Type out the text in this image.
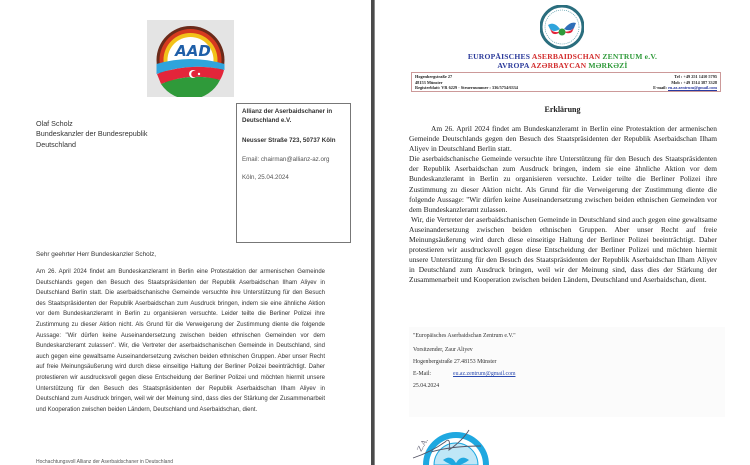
AAD
Olaf Scholz
Bundeskanzler der Bundesrepublik
Deutschland
Allianz der Aserbaidschaner in
Deutschland e.V.
Neusser Straße 723, 50737 Köln
Email: chairman@allianz-az.org
Köln, 25.04.2024
Sehr geehrter Herr Bundeskanzler Scholz,
Am 26. April 2024 findet am Bundeskanzleramt in Berlin eine Protestaktion der armenischen Gemeinde Deutschlands gegen den Besuch des Staatspräsidenten der Republik Aserbaidschan Ilham Aliyev in Deutschland Berlin statt. Die aserbaidschanische Gemeinde versuchte ihre Unterstützung für den Besuch des Staatspräsidenten der Republik Aserbaidschan zum Ausdruck bringen, indem sie eine ähnliche Aktion vor dem Bundeskanzleramt in Berlin zu organisieren versuchte. Leider teilte die Berliner Polizei ihre Zustimmung zu dieser Aktion nicht. Als Grund für die Verweigerung der Zustimmung diente die folgende Aussage: "Wir dürfen keine Auseinandersetzung zwischen beiden ethnischen Gemeinden vor dem Bundeskanzleramt zulassen". Wir, die Vertreter der aserbaidschanischen Gemeinde in Deutschland, sind auch gegen eine gewaltsame Auseinandersetzung zwischen beiden ethnischen Gruppen. Aber unser Recht auf freie Meinungsäußerung wird durch diese einseitige Haltung der Berliner Polizei beeinträchtigt. Daher protestieren wir ausdrucksvoll gegen diese Entscheidung der Berliner Polizei und möchten hiermit unsere Unterstützung für den Besuch des Staatspräsidenten der Republik Aserbaidschan Ilham Aliyev in Deutschland zum Ausdruck bringen, weil wir der Meinung sind, dass dies der Stärkung der Zusammenarbeit und Kooperation zwischen beiden Ländern, Deutschland und Aserbaidschan, dient.
Hochachtungsvoll Allianz der Aserbaidschaner in Deutschland
EUROPÄISCHES ASERBAIDSCHAN ZENTRUM e.V.
AVROPA AZƏRBAYCAN MƏRKƏZİ
Hogenbergstraße 27
48153 Münster
Registerblatt: VR 6229 · Steuernummer : 336/5754/6334
Tel : +49 251 1410 5795
Mob : +49 1514 387 3328
E-mail: eu.az.zentrum@gmail.com
Erklärung

Am 26. April 2024 findet am Bundeskanzleramt in Berlin eine Protestaktion der armenischen Gemeinde Deutschlands gegen den Besuch des Staatspräsidenten der Republik Aserbaidschan Ilham Aliyev in Deutschland Berlin statt.

Die aserbaidschanische Gemeinde versuchte ihre Unterstützung für den Besuch des Staatspräsidenten der Republik Aserbaidschan zum Ausdruck bringen, indem sie eine ähnliche Aktion vor dem Bundeskanzleramt in Berlin zu organisieren versuchte. Leider teilte die Berliner Polizei ihre Zustimmung zu dieser Aktion nicht. Als Grund für die Verweigerung der Zustimmung diente die folgende Aussage: "Wir dürfen keine Auseinandersetzung zwischen beiden ethnischen Gemeinden vor dem Bundeskanzleramt zulassen.

Wir, die Vertreter der aserbaidschanischen Gemeinde in Deutschland sind auch gegen eine gewaltsame Auseinandersetzung zwischen beiden ethnischen Gruppen. Aber unser Recht auf freie Meinungsäußerung wird durch diese einseitige Haltung der Berliner Polizei beeinträchtigt. Daher protestieren wir ausdrucksvoll gegen diese Entscheidung der Berliner Polizei und möchten hiermit unsere Unterstützung für den Besuch des Staatspräsidenten der Republik Aserbaidschan Ilham Aliyev in Deutschland zum Ausdruck bringen, weil wir der Meinung sind, dass dies der Stärkung der Zusammenarbeit und Kooperation zwischen beiden Ländern, Deutschland und Aserbaidschan, dient.

"Europäisches Aserbaidschan Zentrum e.V."
Vorsitzender, Zaur Aliyev
Hogenbergstraße 27.48153 Münster
E-Mail:	eu.az.zentrum@gmail.com
25.04.2024
Z.A.
